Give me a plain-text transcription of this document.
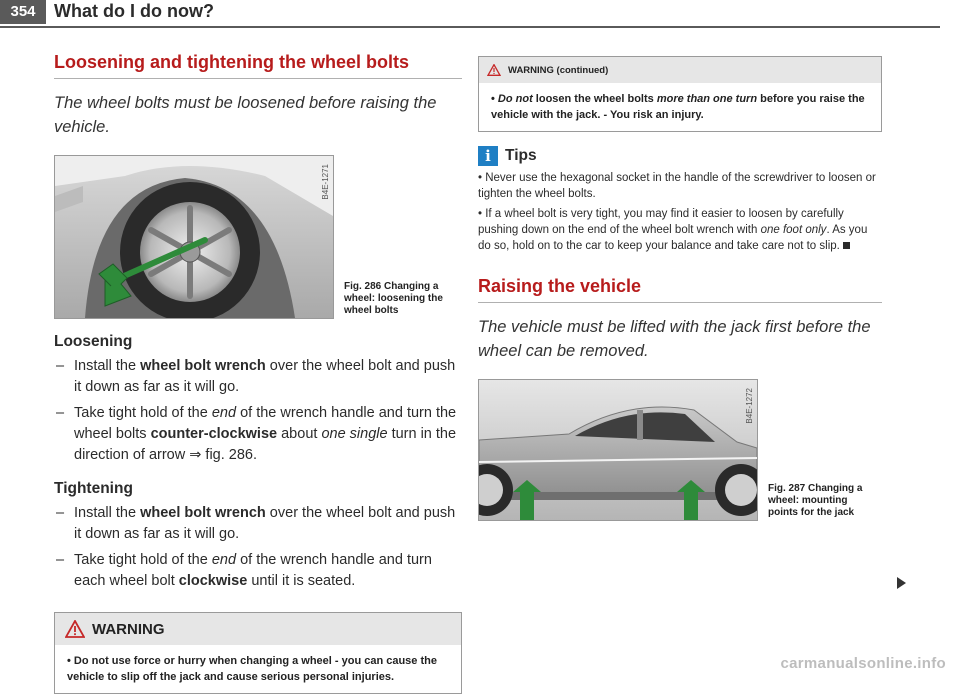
354	What do I do now?
Loosening and tightening the wheel bolts

The wheel bolts must be loosened before raising the vehicle.

B4E-1271
Fig. 286 Changing a
wheel: loosening the
wheel bolts
Loosening
– Install the wheel bolt wrench over the wheel bolt and push it down as far as it will go.
– Take tight hold of the end of the wrench handle and turn the wheel bolts counter-clockwise about one single turn in the direction of arrow ⇒ fig. 286.
Tightening
– Install the wheel bolt wrench over the wheel bolt and push it down as far as it will go.
– Take tight hold of the end of the wrench handle and turn each wheel bolt clockwise until it is seated.
WARNING

• Do not use force or hurry when changing a wheel - you can cause the vehicle to slip off the jack and cause serious personal injuries.

WARNING (continued)

• Do not loosen the wheel bolts more than one turn before you raise the vehicle with the jack. - You risk an injury.

i Tips

• Never use the hexagonal socket in the handle of the screwdriver to loosen or tighten the wheel bolts.

• If a wheel bolt is very tight, you may find it easier to loosen by carefully pushing down on the end of the wheel bolt wrench with one foot only. As you do so, hold on to the car to keep your balance and take care not to slip.

Raising the vehicle

The vehicle must be lifted with the jack first before the wheel can be removed.

B4E-1272
Fig. 287 Changing a
wheel: mounting
points for the jack
carmanualsonline.info
